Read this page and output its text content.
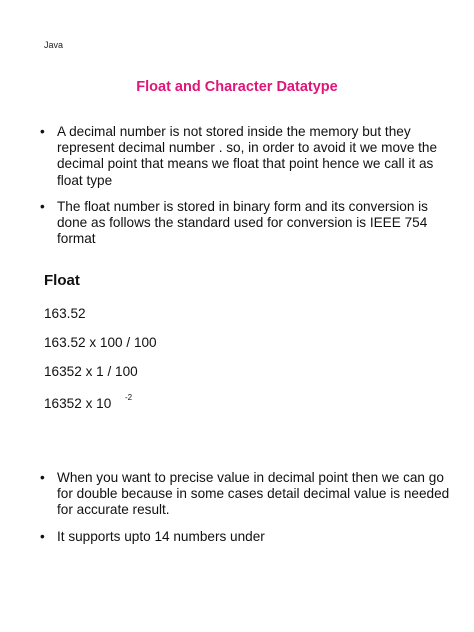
Java
Float and Character Datatype
• A decimal number is not stored inside the memory but they represent decimal number . so, in order to avoid it we move the decimal point that means we float that point hence we call it as float type
• The float number is stored in binary form and its conversion is done as follows the standard used for conversion is IEEE 754 format
Float
163.52
163.52 x 100 / 100
16352 x 1 / 100
16352 x 10 -2
• When you want to precise value in decimal point then we can go for double because in some cases detail decimal value is needed for accurate result.
• It supports upto 14 numbers under
